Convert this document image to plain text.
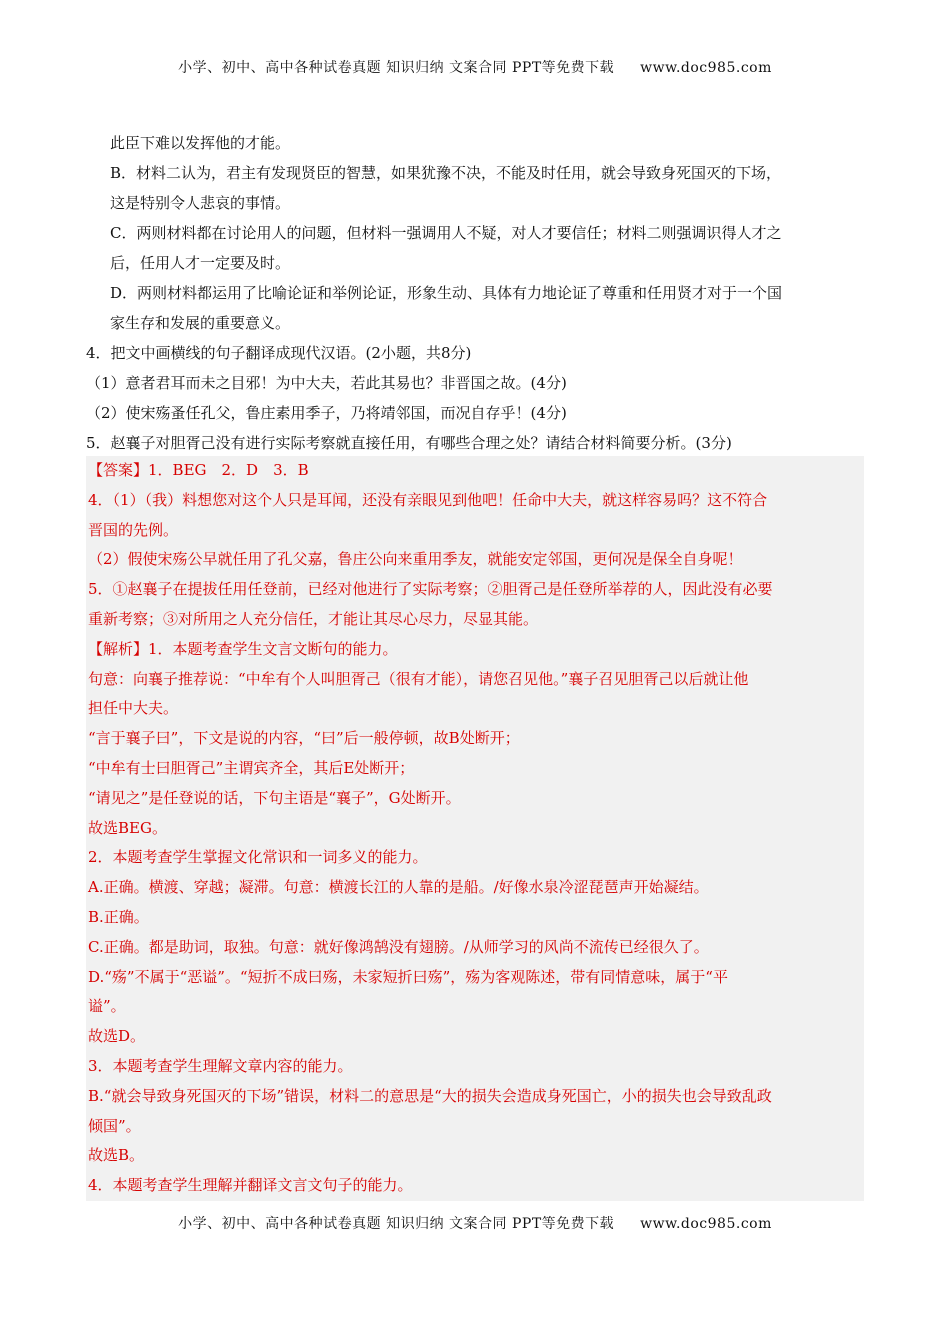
小学、初中、高中各种试卷真题 知识归纳 文案合同 PPT等免费下载 www.doc985.com

此臣下难以发挥他的才能。

B．材料二认为，君主有发现贤臣的智慧，如果犹豫不决，不能及时任用，就会导致身死国灭的下场，

这是特别令人悲哀的事情。

C．两则材料都在讨论用人的问题，但材料一强调用人不疑，对人才要信任；材料二则强调识得人才之

后，任用人才一定要及时。

D．两则材料都运用了比喻论证和举例论证，形象生动、具体有力地论证了尊重和任用贤才对于一个国

家生存和发展的重要意义。

4．把文中画横线的句子翻译成现代汉语。(2小题，共8分)

（1）意者君耳而未之目邪！为中大夫，若此其易也？非晋国之故。(4分)

（2）使宋殇蚤任孔父，鲁庄素用季子，乃将靖邻国，而况自存乎！(4分)

5．赵襄子对胆胥己没有进行实际考察就直接任用，有哪些合理之处？请结合材料简要分析。(3分)

【答案】1．BEG　2．D　3．B

4．（1）（我）料想您对这个人只是耳闻，还没有亲眼见到他吧！任命中大夫，就这样容易吗？这不符合

晋国的先例。

（2）假使宋殇公早就任用了孔父嘉，鲁庄公向来重用季友，就能安定邻国，更何况是保全自身呢！

5．①赵襄子在提拔任用任登前，已经对他进行了实际考察；②胆胥己是任登所举荐的人，因此没有必要

重新考察；③对所用之人充分信任，才能让其尽心尽力，尽显其能。

【解析】1．本题考查学生文言文断句的能力。

句意：向襄子推荐说：“中牟有个人叫胆胥己（很有才能），请您召见他。”襄子召见胆胥己以后就让他

担任中大夫。

“言于襄子曰”，下文是说的内容，“曰”后一般停顿，故B处断开；

“中牟有士曰胆胥己”主谓宾齐全，其后E处断开；

“请见之”是任登说的话，下句主语是“襄子”，G处断开。

故选BEG。

2．本题考查学生掌握文化常识和一词多义的能力。

A.正确。横渡、穿越；凝滞。句意：横渡长江的人靠的是船。/好像水泉冷涩琵琶声开始凝结。

B.正确。

C.正确。都是助词，取独。句意：就好像鸿鹄没有翅膀。/从师学习的风尚不流传已经很久了。

D.“殇”不属于“恶谥”。“短折不成曰殇，未家短折曰殇”，殇为客观陈述，带有同情意味，属于“平

谥”。

故选D。

3．本题考查学生理解文章内容的能力。

B.“就会导致身死国灭的下场”错误，材料二的意思是“大的损失会造成身死国亡，小的损失也会导致乱政

倾国”。

故选B。

4．本题考查学生理解并翻译文言文句子的能力。

小学、初中、高中各种试卷真题 知识归纳 文案合同 PPT等免费下载 www.doc985.com
